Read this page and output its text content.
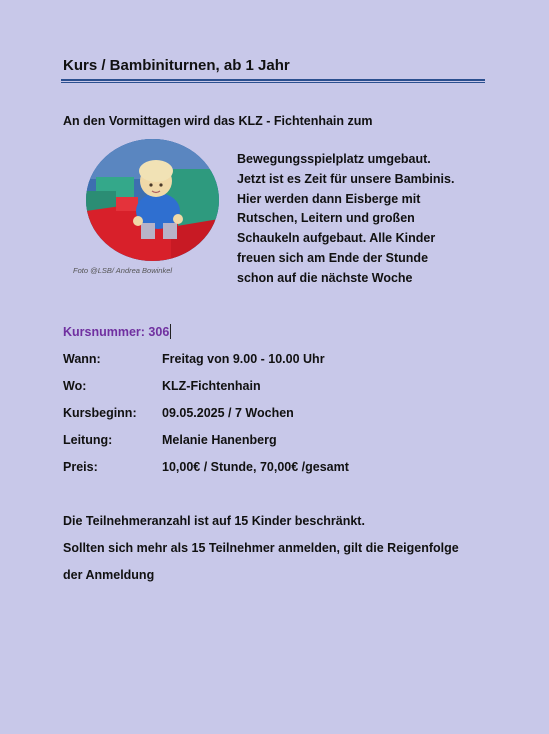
Kurs / Bambiniturnen, ab 1 Jahr
An den Vormittagen wird das KLZ - Fichtenhain zum
Foto @LSB/ Andrea Bowinkel
Bewegungsspielplatz umgebaut.
Jetzt ist es Zeit für unsere Bambinis.
Hier werden dann Eisberge mit
Rutschen, Leitern und großen
Schaukeln aufgebaut. Alle Kinder
freuen sich am Ende der Stunde
schon auf die nächste Woche
Kursnummer: 306
Wann:	Freitag von 9.00 - 10.00 Uhr
Wo:	KLZ-Fichtenhain
Kursbeginn: 09.05.2025 / 7 Wochen
Leitung:	Melanie Hanenberg
Preis:	10,00€ / Stunde, 70,00€ /gesamt
Die Teilnehmeranzahl ist auf 15 Kinder beschränkt.
Sollten sich mehr als 15 Teilnehmer anmelden, gilt die Reigenfolge
der Anmeldung
